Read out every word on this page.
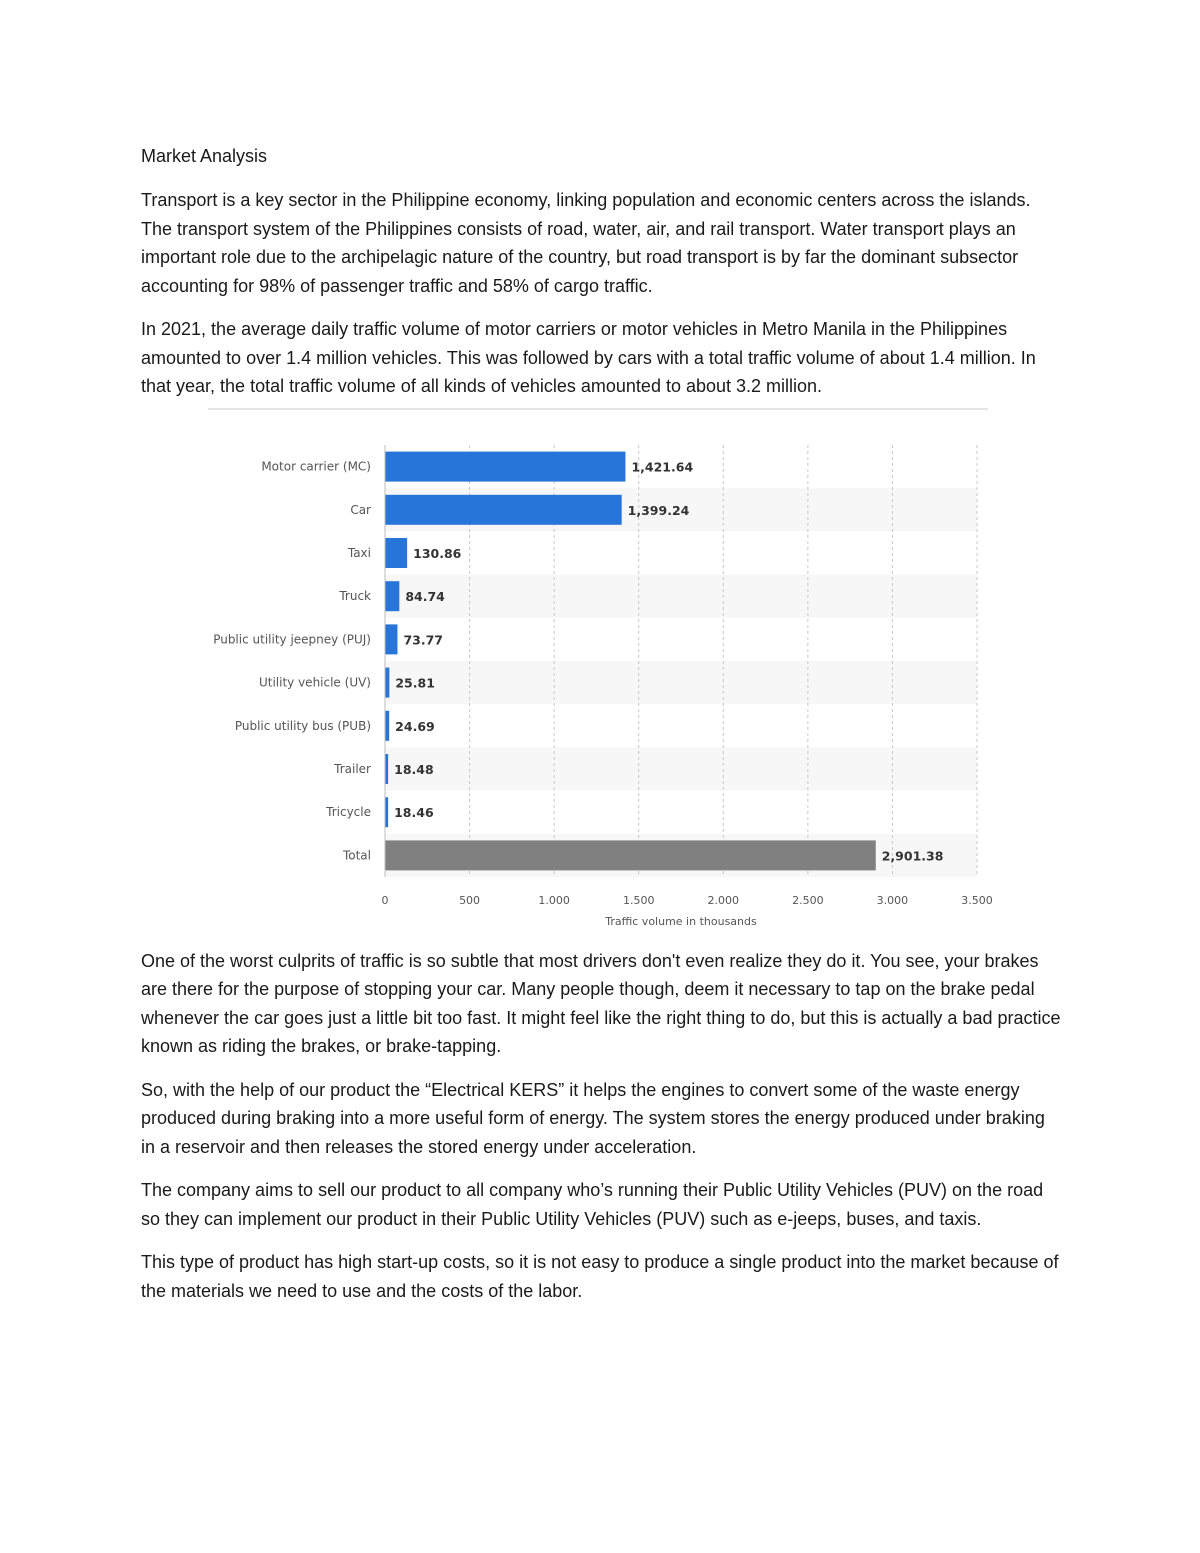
Market Analysis

Transport is a key sector in the Philippine economy, linking population and economic centers across the islands. The transport system of the Philippines consists of road, water, air, and rail transport. Water transport plays an important role due to the archipelagic nature of the country, but road transport is by far the dominant subsector accounting for 98% of passenger traffic and 58% of cargo traffic.

In 2021, the average daily traffic volume of motor carriers or motor vehicles in Metro Manila in the Philippines amounted to over 1.4 million vehicles. This was followed by cars with a total traffic volume of about 1.4 million. In that year, the total traffic volume of all kinds of vehicles amounted to about 3.2 million.

Motor carrier (MC)	1,421.64
Car	1,399.24
Taxi	130.86
Truck	84.74
Public utility jeepney (PUJ)	73.77
Utility vehicle (UV) 25.81
Public utility bus (PUB) 24.69
Trailer 18.48
Tricycle 18.46
Total	2,901.38
0	500	1.000	1.500	2.000	2.500	3.000	3.500
Traffic volume in thousands

One of the worst culprits of traffic is so subtle that most drivers don't even realize they do it. You see, your brakes are there for the purpose of stopping your car. Many people though, deem it necessary to tap on the brake pedal whenever the car goes just a little bit too fast. It might feel like the right thing to do, but this is actually a bad practice known as riding the brakes, or brake-tapping.

So, with the help of our product the “Electrical KERS” it helps the engines to convert some of the waste energy produced during braking into a more useful form of energy. The system stores the energy produced under braking in a reservoir and then releases the stored energy under acceleration.

The company aims to sell our product to all company who’s running their Public Utility Vehicles (PUV) on the road so they can implement our product in their Public Utility Vehicles (PUV) such as e-jeeps, buses, and taxis.

This type of product has high start-up costs, so it is not easy to produce a single product into the market because of the materials we need to use and the costs of the labor.
